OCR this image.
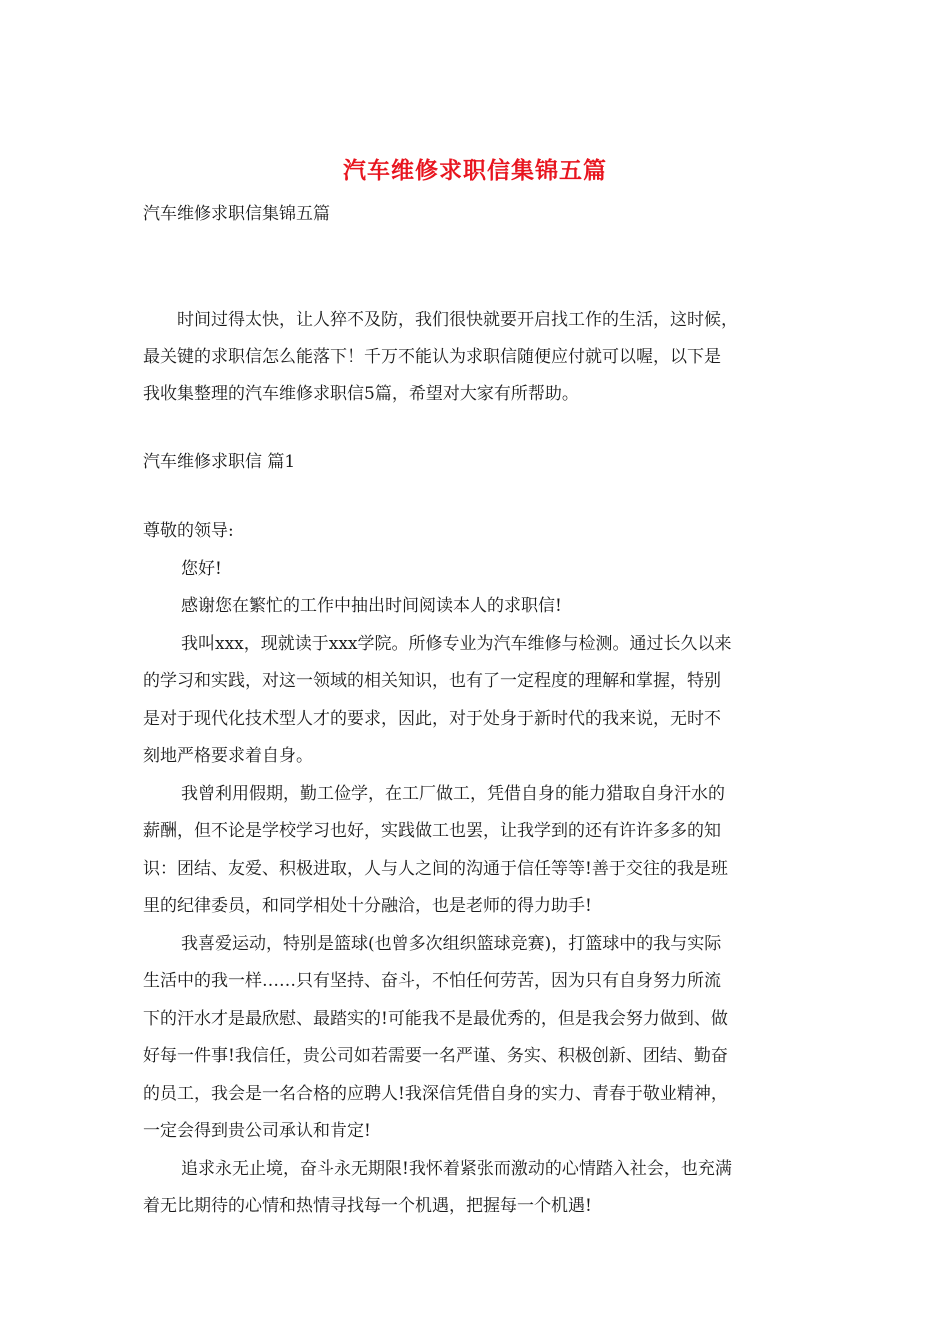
汽车维修求职信集锦五篇
汽车维修求职信集锦五篇
时间过得太快，让人猝不及防，我们很快就要开启找工作的生活，这时候，
最关键的求职信怎么能落下！千万不能认为求职信随便应付就可以喔，以下是
我收集整理的汽车维修求职信5篇，希望对大家有所帮助。
汽车维修求职信 篇1
尊敬的领导:
您好!
感谢您在繁忙的工作中抽出时间阅读本人的求职信!
我叫xxx，现就读于xxx学院。所修专业为汽车维修与检测。通过长久以来
的学习和实践，对这一领域的相关知识，也有了一定程度的理解和掌握，特别
是对于现代化技术型人才的要求，因此，对于处身于新时代的我来说，无时不
刻地严格要求着自身。
我曾利用假期，勤工俭学，在工厂做工，凭借自身的能力猎取自身汗水的
薪酬，但不论是学校学习也好，实践做工也罢，让我学到的还有许许多多的知
识：团结、友爱、积极进取，人与人之间的沟通于信任等等!善于交往的我是班
里的纪律委员，和同学相处十分融洽，也是老师的得力助手!
我喜爱运动，特别是篮球(也曾多次组织篮球竞赛)，打篮球中的我与实际
生活中的我一样……只有坚持、奋斗，不怕任何劳苦，因为只有自身努力所流
下的汗水才是最欣慰、最踏实的!可能我不是最优秀的，但是我会努力做到、做
好每一件事!我信任，贵公司如若需要一名严谨、务实、积极创新、团结、勤奋
的员工，我会是一名合格的应聘人!我深信凭借自身的实力、青春于敬业精神，
一定会得到贵公司承认和肯定!
追求永无止境，奋斗永无期限!我怀着紧张而激动的心情踏入社会，也充满
着无比期待的心情和热情寻找每一个机遇，把握每一个机遇!
